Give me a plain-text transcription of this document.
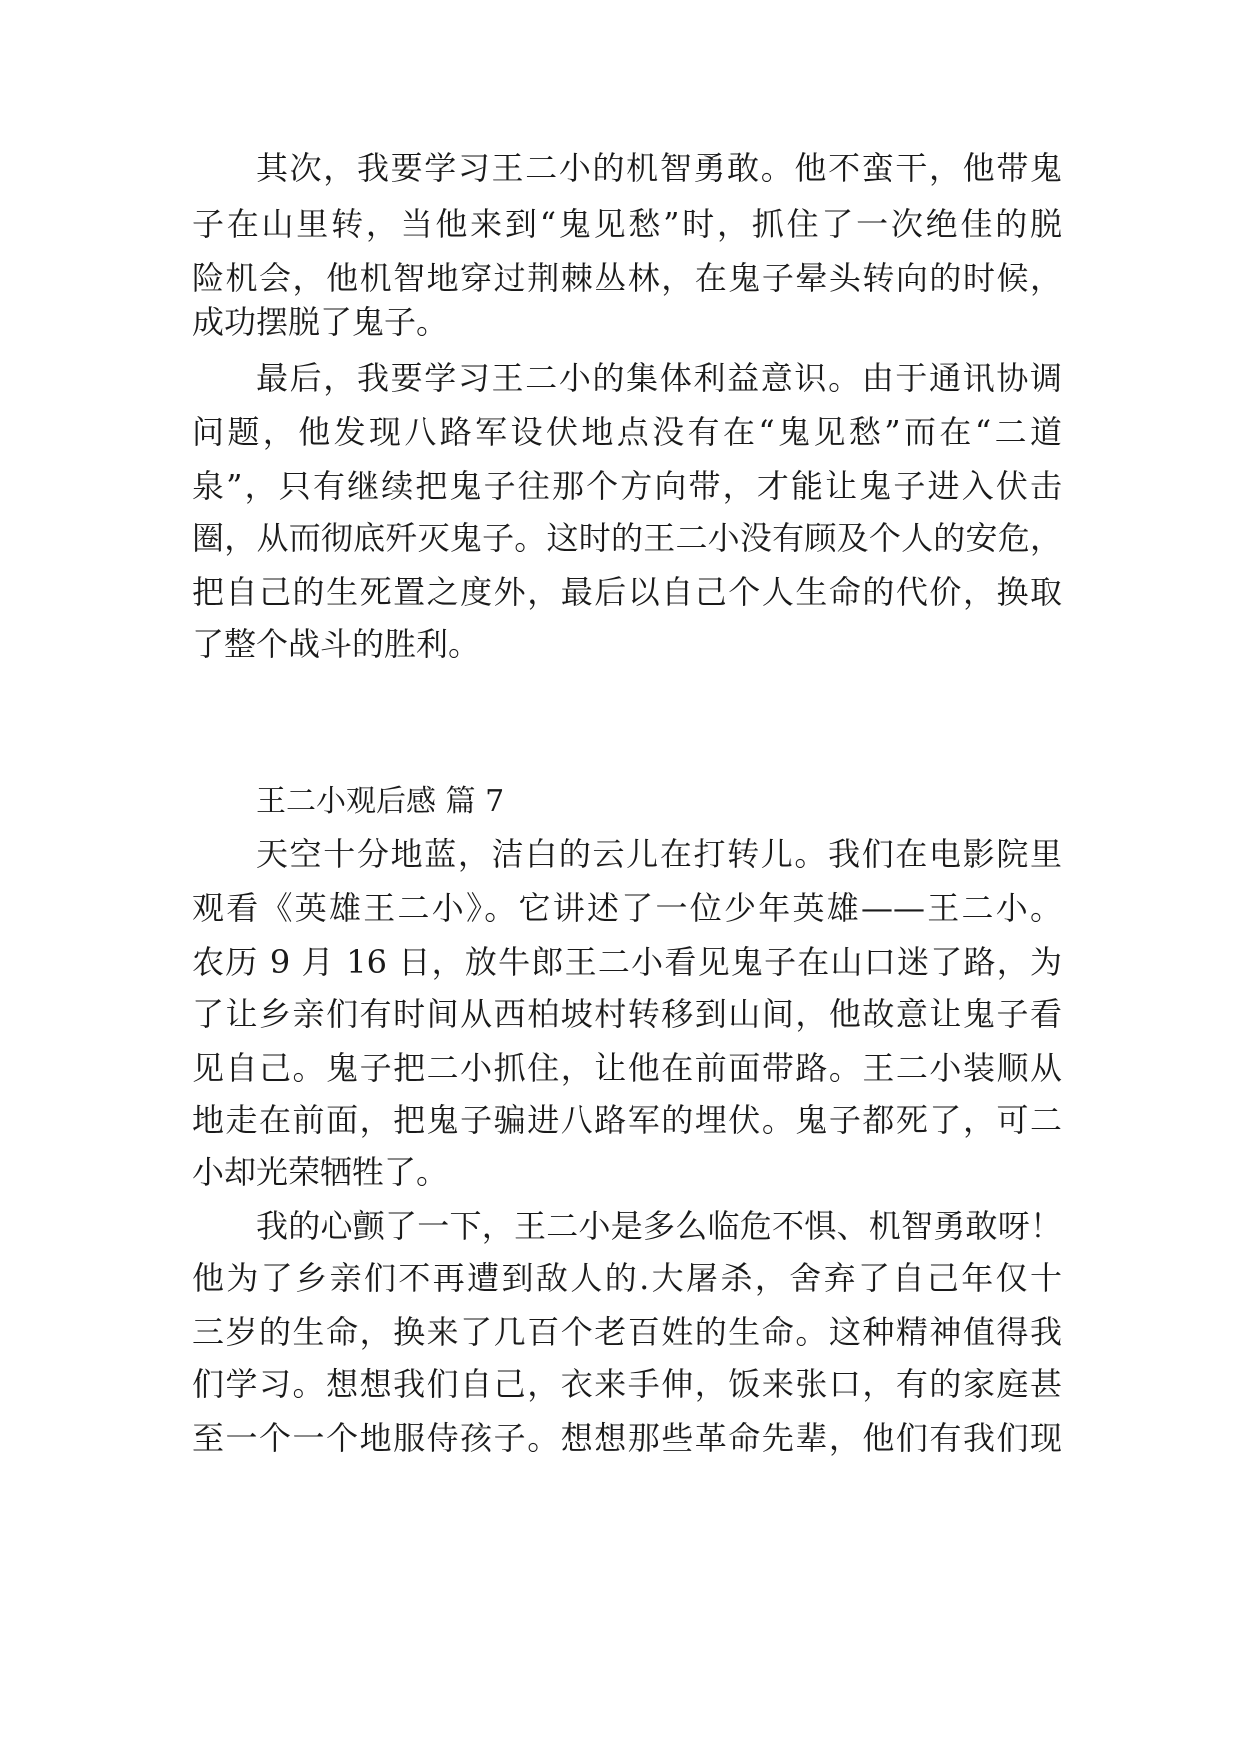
其次，我要学习王二小的机智勇敢。他不蛮干，他带鬼
子在山里转，当他来到“鬼见愁”时，抓住了一次绝佳的脱
险机会，他机智地穿过荆棘丛林，在鬼子晕头转向的时候，
成功摆脱了鬼子。
最后，我要学习王二小的集体利益意识。由于通讯协调
问题，他发现八路军设伏地点没有在“鬼见愁”而在“二道
泉”，只有继续把鬼子往那个方向带，才能让鬼子进入伏击
圈，从而彻底歼灭鬼子。这时的王二小没有顾及个人的安危，
把自己的生死置之度外，最后以自己个人生命的代价，换取
了整个战斗的胜利。
王二小观后感 篇 7
天空十分地蓝，洁白的云儿在打转儿。我们在电影院里
观看《英雄王二小》。它讲述了一位少年英雄——王二小。
农历 9 月 16 日，放牛郎王二小看见鬼子在山口迷了路，为
了让乡亲们有时间从西柏坡村转移到山间，他故意让鬼子看
见自己。鬼子把二小抓住，让他在前面带路。王二小装顺从
地走在前面，把鬼子骗进八路军的埋伏。鬼子都死了，可二
小却光荣牺牲了。
我的心颤了一下，王二小是多么临危不惧、机智勇敢呀！
他为了乡亲们不再遭到敌人的.大屠杀，舍弃了自己年仅十
三岁的生命，换来了几百个老百姓的生命。这种精神值得我
们学习。想想我们自己，衣来手伸，饭来张口，有的家庭甚
至一个一个地服侍孩子。想想那些革命先辈，他们有我们现
